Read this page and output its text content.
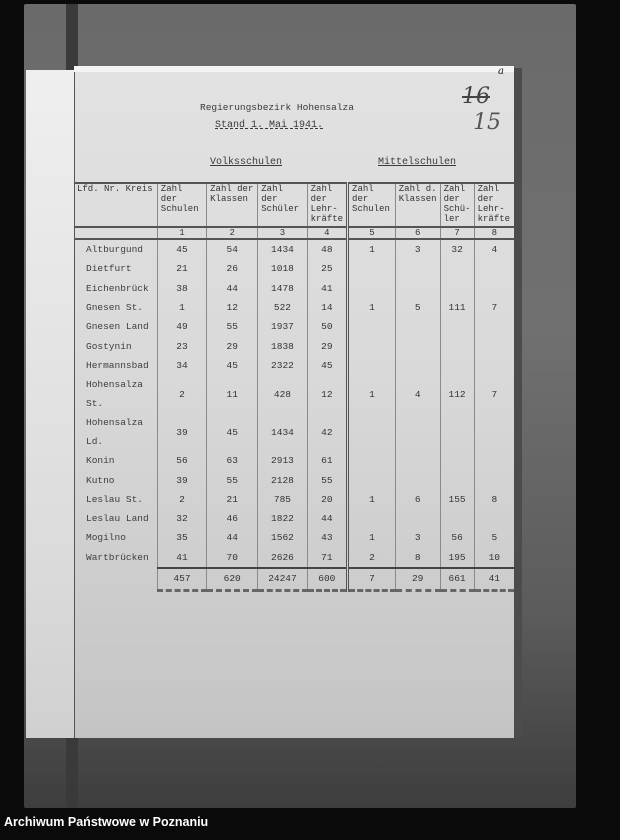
a
16
15
Regierungsbezirk Hohensalza
Stand 1. Mai 1941.
Volksschulen	Mittelschulen
Lfd. Nr. Kreis	Zahl der Schulen	Zahl der Klassen	Zahl der Schüler	Zahl der Lehr-kräfte	Zahl der Schulen	Zahl d. Klassen	Zahl der Schü-ler	Zahl der Lehr-kräfte
	1	2	3	4	5	6	7	8
Altburgund	45	54	1434	48	1	3	32	4
Dietfurt	21	26	1018	25				
Eichenbrück	38	44	1478	41				
Gnesen St.	1	12	522	14	1	5	111	7
Gnesen Land	49	55	1937	50				
Gostynin	23	29	1838	29				
Hermannsbad	34	45	2322	45				
Hohensalza St.	2	11	428	12	1	4	112	7
Hohensalza Ld.	39	45	1434	42				
Konin	56	63	2913	61				
Kutno	39	55	2128	55				
Leslau St.	2	21	785	20	1	6	155	8
Leslau Land	32	46	1822	44				
Mogilno	35	44	1562	43	1	3	56	5
Wartbrücken	41	70	2626	71	2	8	195	10
	457	620	24247	600	7	29	661	41
Archiwum Państwowe w Poznaniu
